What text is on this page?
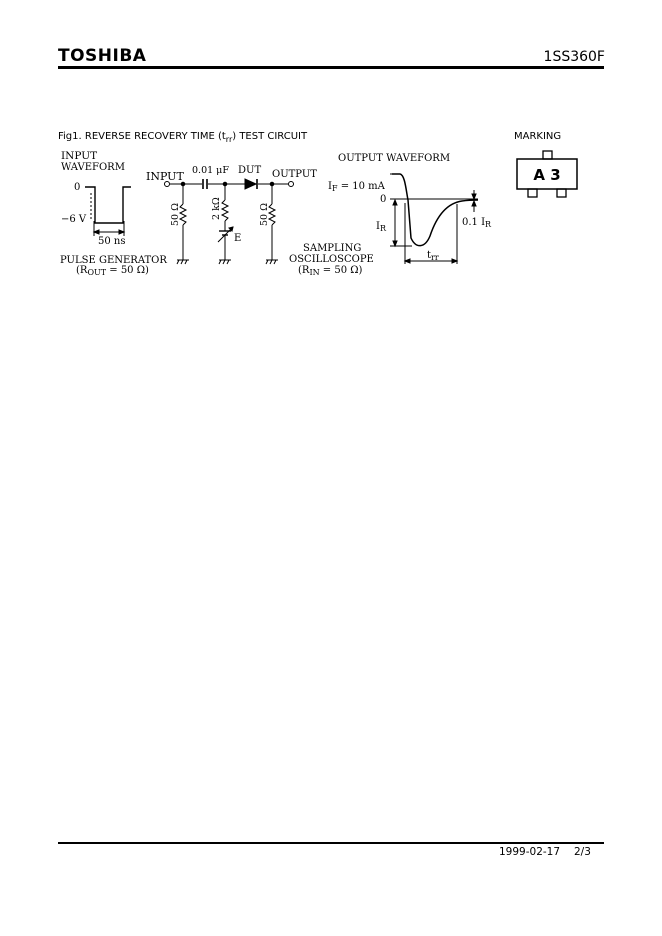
TOSHIBA	1SS360F
Fig1. REVERSE RECOVERY TIME $(t_{rr})$ TEST CIRCUIT	MARKING
INPUT
WAVEFORM
0
−6 V
50 ns
INPUT 0.01 μF DUT OUTPUT
50 Ω	2 kΩ
E
50 Ω
PULSE GENERATOR
($R_{OUT} = 50$ Ω)
SAMPLING
OSCILLOSCOPE
($R_{IN} = 50$ Ω)
OUTPUT WAVEFORM
$I_F = 10$ mA
0
$I_R$
0.1 $I_R$
$t_{rr}$
A 3
1999-02-17 2/3
